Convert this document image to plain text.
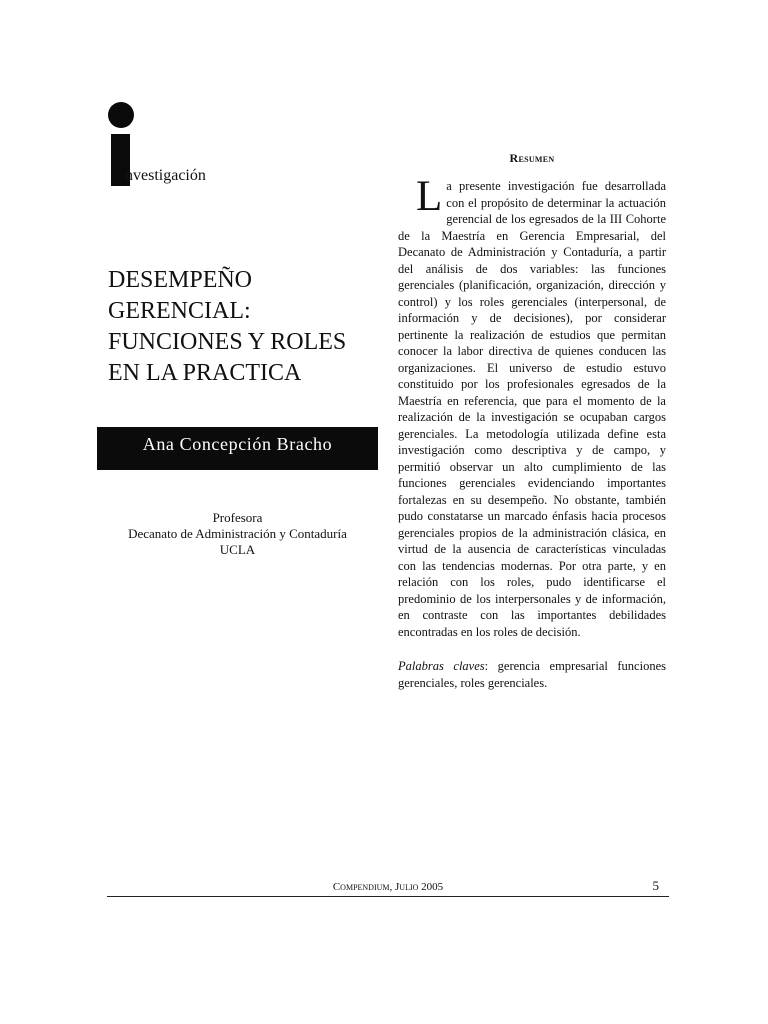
nvestigación
DESEMPEÑO
GERENCIAL:
FUNCIONES Y ROLES
EN LA PRACTICA
Ana Concepción Bracho
Profesora
Decanato de Administración y Contaduría
UCLA
Resumen

La presente investigación fue desarrollada con el propósito de determinar la actuación gerencial de los egresados de la III Cohorte de la Maestría en Gerencia Empresarial, del Decanato de Administración y Contaduría, a partir del análisis de dos variables: las funciones gerenciales (planificación, organización, dirección y control) y los roles gerenciales (interpersonal, de información y de decisiones), por considerar pertinente la realización de estudios que permitan conocer la labor directiva de quienes conducen las organizaciones. El universo de estudio estuvo constituido por los profesionales egresados de la Maestría en referencia, que para el momento de la realización de la investigación se ocupaban cargos gerenciales. La metodología utilizada define esta investigación como descriptiva y de campo, y permitió observar un alto cumplimiento de las funciones gerenciales evidenciando importantes fortalezas en su desempeño. No obstante, también pudo constatarse un marcado énfasis hacia procesos gerenciales propios de la administración clásica, en virtud de la ausencia de características vinculadas con las tendencias modernas. Por otra parte, y en relación con los roles, pudo identificarse el predominio de los interpersonales y de información, en contraste con las importantes debilidades encontradas en los roles de decisión.

Palabras claves: gerencia empresarial funciones gerenciales, roles gerenciales.

Compendium, Julio 2005	5
